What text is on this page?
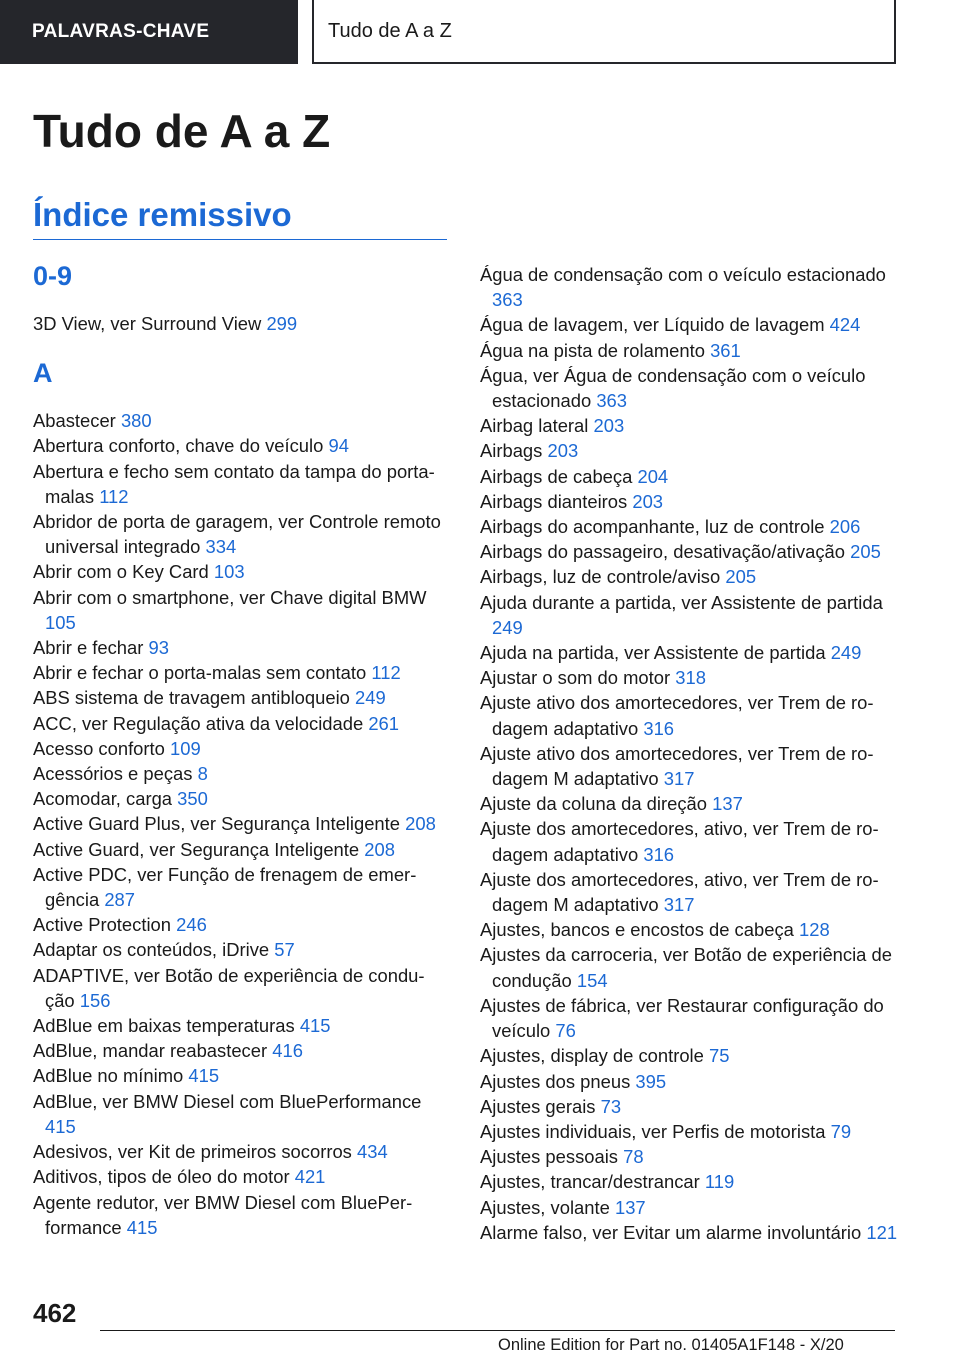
PALAVRAS-CHAVE	Tudo de A a Z
Tudo de A a Z
Índice remissivo
0-9
3D View, ver Surround View 299
A
Abastecer 380
Abertura conforto, chave do veículo 94
Abertura e fecho sem contato da tampa do porta-malas 112
Abridor de porta de garagem, ver Controle remoto universal integrado 334
Abrir com o Key Card 103
Abrir com o smartphone, ver Chave digital BMW 105
Abrir e fechar 93
Abrir e fechar o porta-malas sem contato 112
ABS sistema de travagem antibloqueio 249
ACC, ver Regulação ativa da velocidade 261
Acesso conforto 109
Acessórios e peças 8
Acomodar, carga 350
Active Guard Plus, ver Segurança Inteligente 208
Active Guard, ver Segurança Inteligente 208
Active PDC, ver Função de frenagem de emergência 287
Active Protection 246
Adaptar os conteúdos, iDrive 57
ADAPTIVE, ver Botão de experiência de condução 156
AdBlue em baixas temperaturas 415
AdBlue, mandar reabastecer 416
AdBlue no mínimo 415
AdBlue, ver BMW Diesel com BluePerformance 415
Adesivos, ver Kit de primeiros socorros 434
Aditivos, tipos de óleo do motor 421
Agente redutor, ver BMW Diesel com BluePerformance 415
Água de condensação com o veículo estacionado 363
Água de lavagem, ver Líquido de lavagem 424
Água na pista de rolamento 361
Água, ver Água de condensação com o veículo estacionado 363
Airbag lateral 203
Airbags 203
Airbags de cabeça 204
Airbags dianteiros 203
Airbags do acompanhante, luz de controle 206
Airbags do passageiro, desativação/ativação 205
Airbags, luz de controle/aviso 205
Ajuda durante a partida, ver Assistente de partida 249
Ajuda na partida, ver Assistente de partida 249
Ajustar o som do motor 318
Ajuste ativo dos amortecedores, ver Trem de rodagem adaptativo 316
Ajuste ativo dos amortecedores, ver Trem de rodagem M adaptativo 317
Ajuste da coluna da direção 137
Ajuste dos amortecedores, ativo, ver Trem de rodagem adaptativo 316
Ajuste dos amortecedores, ativo, ver Trem de rodagem M adaptativo 317
Ajustes, bancos e encostos de cabeça 128
Ajustes da carroceria, ver Botão de experiência de condução 154
Ajustes de fábrica, ver Restaurar configuração do veículo 76
Ajustes, display de controle 75
Ajustes dos pneus 395
Ajustes gerais 73
Ajustes individuais, ver Perfis de motorista 79
Ajustes pessoais 78
Ajustes, trancar/destrancar 119
Ajustes, volante 137
Alarme falso, ver Evitar um alarme involuntário 121
462
Online Edition for Part no. 01405A1F148 - X/20
